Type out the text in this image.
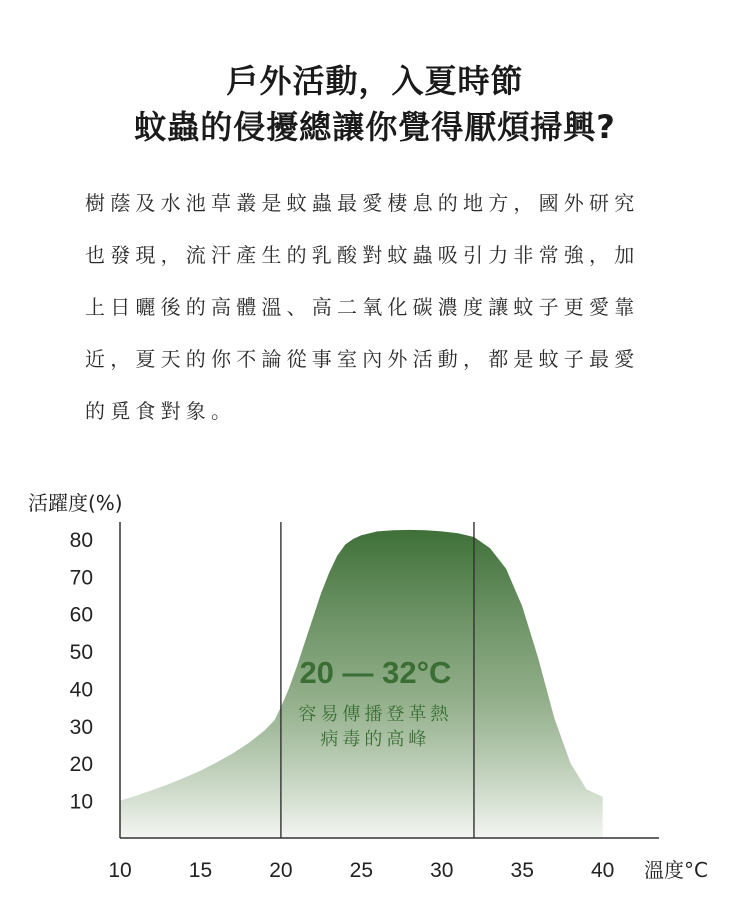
戶外活動，入夏時節
蚊蟲的侵擾總讓你覺得厭煩掃興?
樹蔭及水池草叢是蚊蟲最愛棲息的地方，國外研究
也發現，流汗產生的乳酸對蚊蟲吸引力非常強，加
上日曬後的高體溫、高二氧化碳濃度讓蚊子更愛靠
近，夏天的你不論從事室內外活動，都是蚊子最愛
的覓食對象。
活躍度(%)
溫度°C
10
20
30
40
50
60
70
80
10	15	20	25	30	35	40
20 — 32°C
容易傳播登革熱
病毒的高峰
